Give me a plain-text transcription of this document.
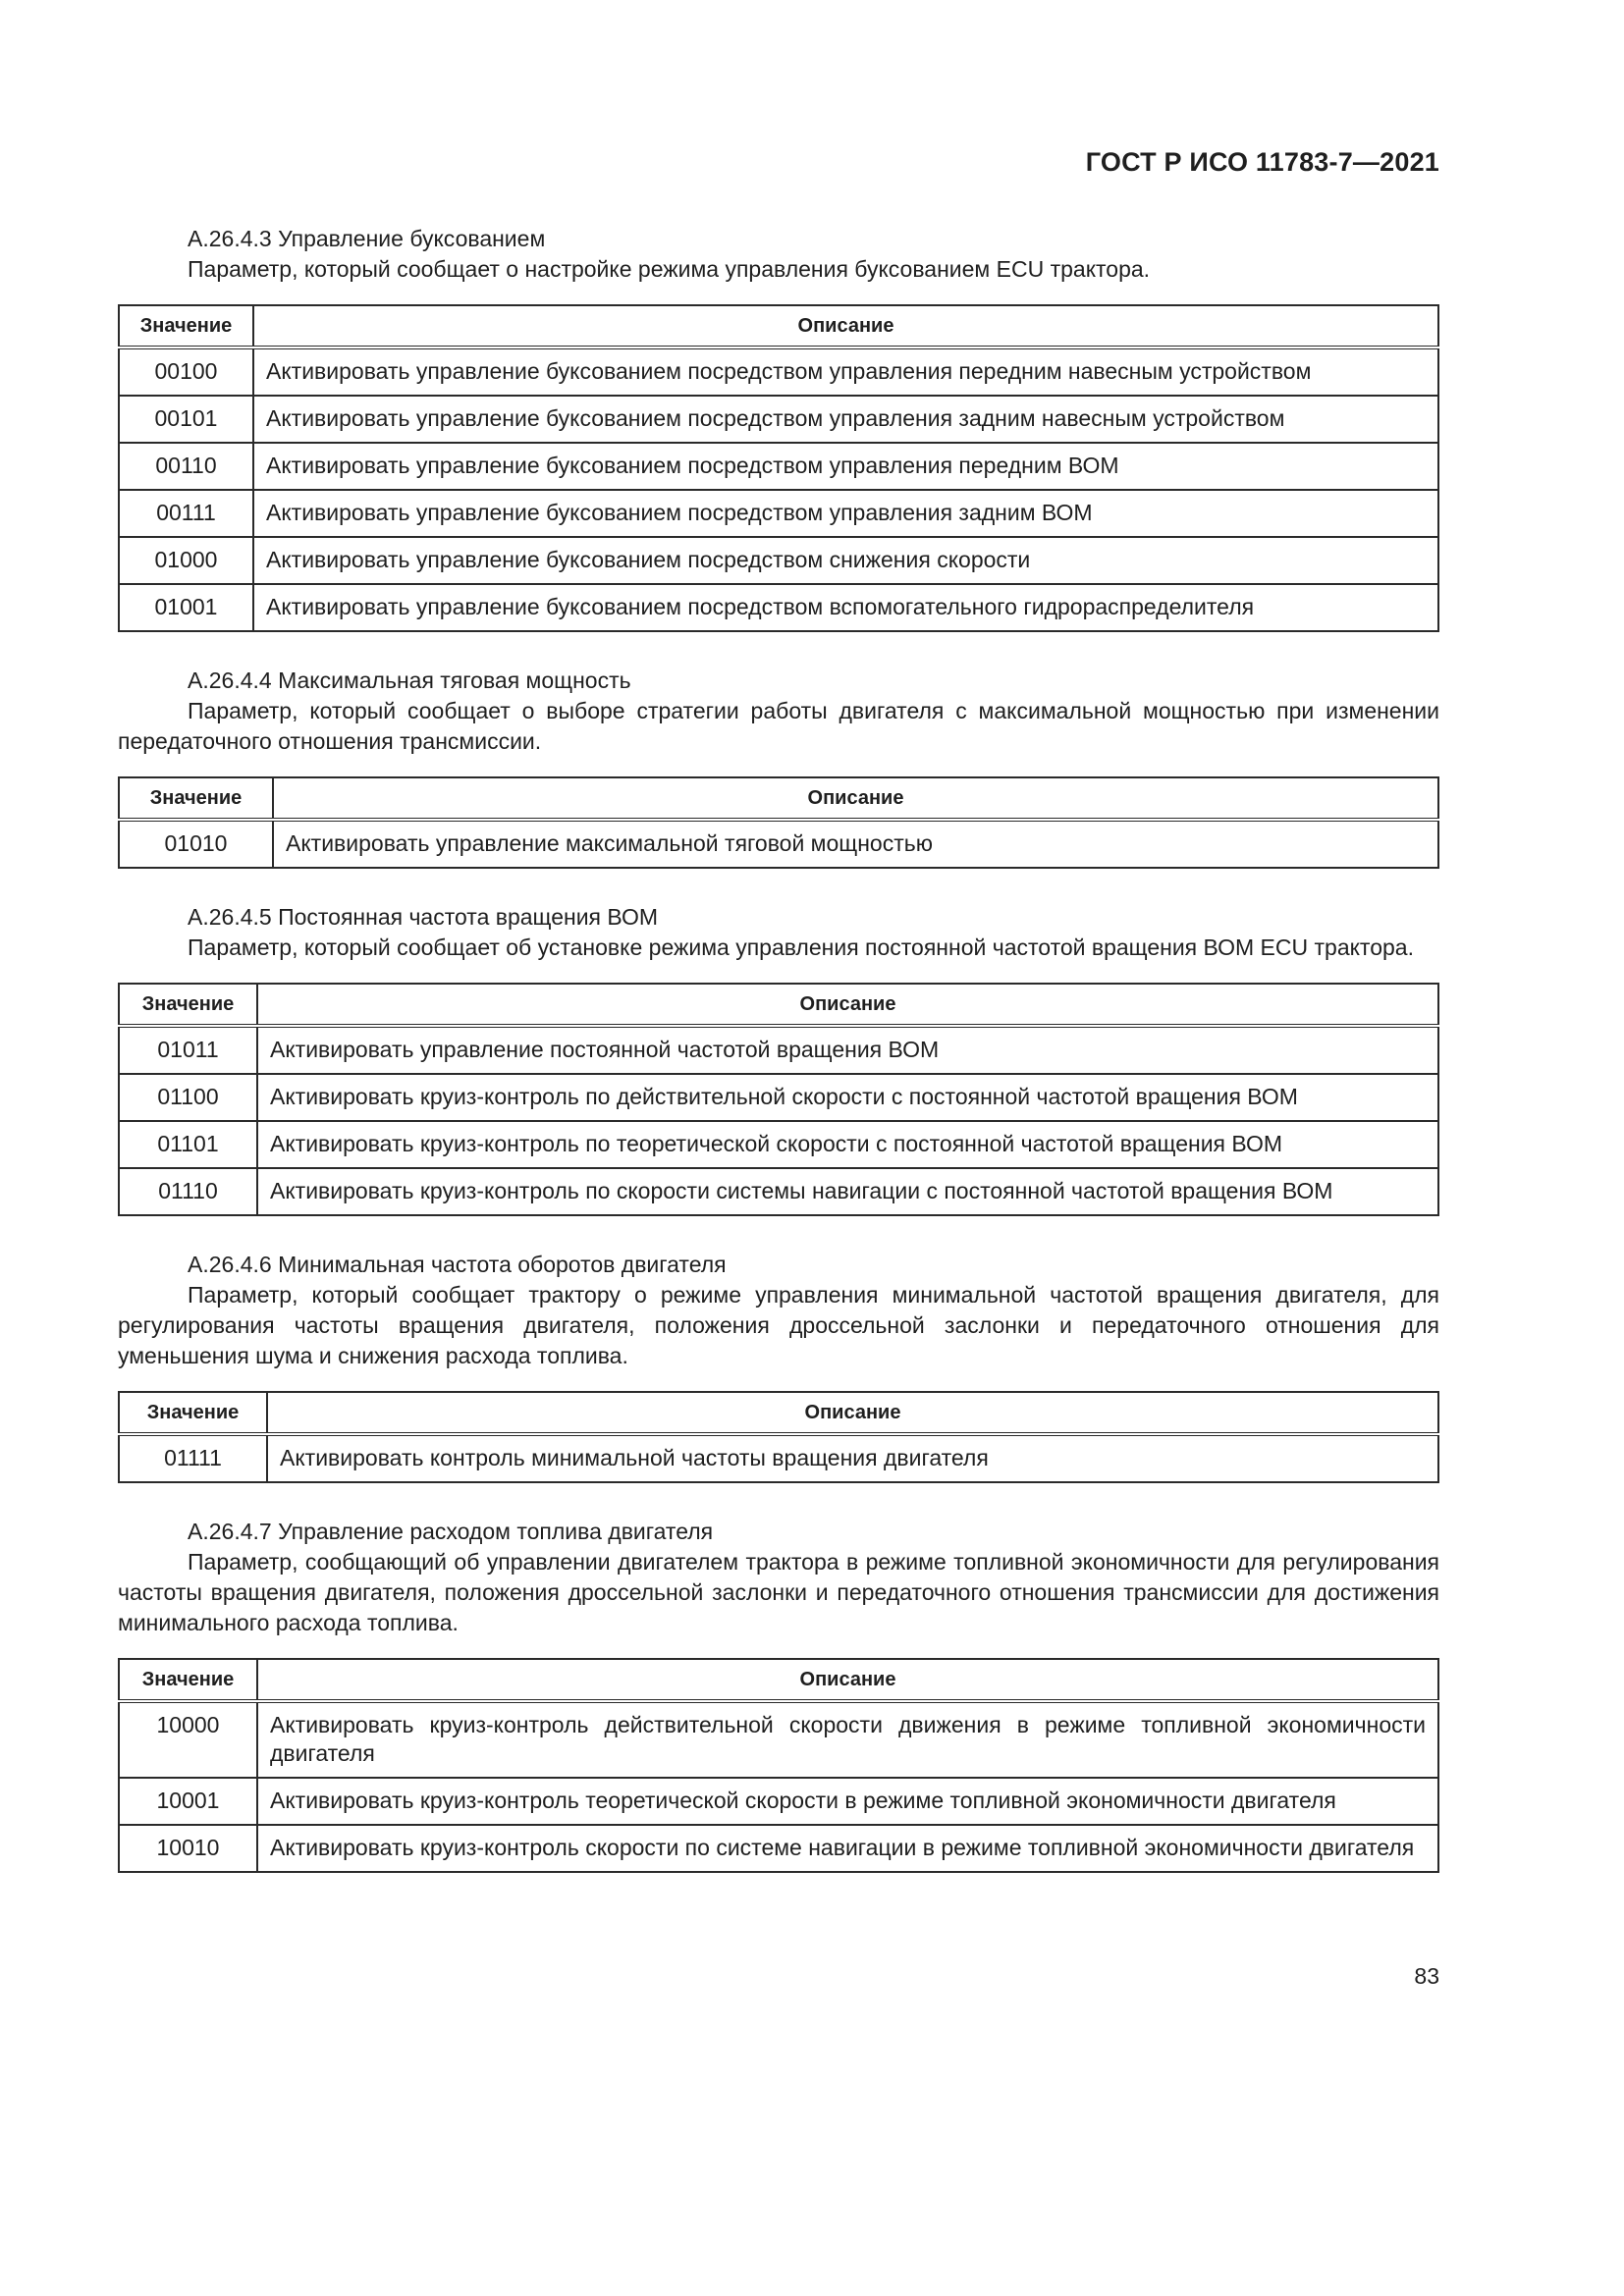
ГОСТ Р ИСО 11783-7—2021

А.26.4.3 Управление буксованием

Параметр, который сообщает о настройке режима управления буксованием ECU трактора.

Значение	Описание
00100	Активировать управление буксованием посредством управления передним навесным устройством
00101	Активировать управление буксованием посредством управления задним навесным устройством
00110	Активировать управление буксованием посредством управления передним ВОМ
00111	Активировать управление буксованием посредством управления задним ВОМ
01000	Активировать управление буксованием посредством снижения скорости
01001	Активировать управление буксованием посредством вспомогательного гидрораспределителя

А.26.4.4 Максимальная тяговая мощность

Параметр, который сообщает о выборе стратегии работы двигателя с максимальной мощностью при изменении передаточного отношения трансмиссии.

Значение	Описание
01010	Активировать управление максимальной тяговой мощностью

А.26.4.5 Постоянная частота вращения ВОМ

Параметр, который сообщает об установке режима управления постоянной частотой вращения ВОМ ECU трактора.

Значение	Описание
01011	Активировать управление постоянной частотой вращения ВОМ
01100	Активировать круиз-контроль по действительной скорости с постоянной частотой вращения ВОМ
01101	Активировать круиз-контроль по теоретической скорости с постоянной частотой вращения ВОМ
01110	Активировать круиз-контроль по скорости системы навигации с постоянной частотой вращения ВОМ

А.26.4.6 Минимальная частота оборотов двигателя

Параметр, который сообщает трактору о режиме управления минимальной частотой вращения двигателя, для регулирования частоты вращения двигателя, положения дроссельной заслонки и передаточного отношения для уменьшения шума и снижения расхода топлива.

Значение	Описание
01111	Активировать контроль минимальной частоты вращения двигателя

А.26.4.7 Управление расходом топлива двигателя

Параметр, сообщающий об управлении двигателем трактора в режиме топливной экономичности для регулирования частоты вращения двигателя, положения дроссельной заслонки и передаточного отношения трансмиссии для достижения минимального расхода топлива.

Значение	Описание
10000	Активировать круиз-контроль действительной скорости движения в режиме топливной экономичности двигателя
10001	Активировать круиз-контроль теоретической скорости в режиме топливной экономичности двигателя
10010	Активировать круиз-контроль скорости по системе навигации в режиме топливной экономичности двигателя
83
